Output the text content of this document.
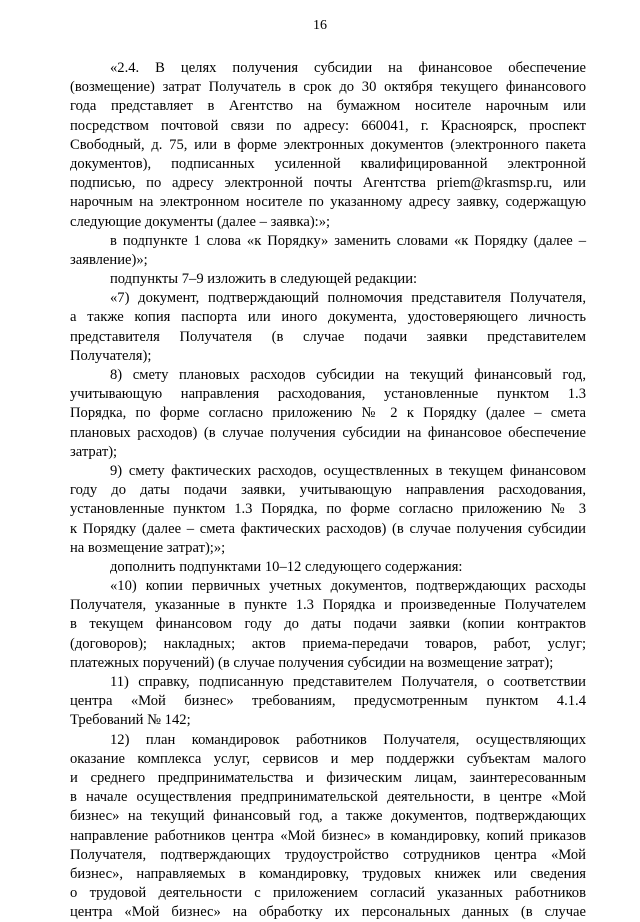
16
«2.4. В целях получения субсидии на финансовое обеспечение
(возмещение) затрат Получатель в срок до 30 октября текущего финансового
года представляет в Агентство на бумажном носителе нарочным или
посредством почтовой связи по адресу: 660041, г. Красноярск, проспект
Свободный, д. 75, или в форме электронных документов (электронного пакета
документов), подписанных усиленной квалифицированной электронной
подписью, по адресу электронной почты Агентства priem@krasmsp.ru, или
нарочным на электронном носителе по указанному адресу заявку, содержащую
следующие документы (далее – заявка):»;
в подпункте 1 слова «к Порядку» заменить словами «к Порядку (далее –
заявление)»;
подпункты 7–9 изложить в следующей редакции:
«7) документ, подтверждающий полномочия представителя Получателя,
а также копия паспорта или иного документа, удостоверяющего личность
представителя Получателя (в случае подачи заявки представителем
Получателя);
8) смету плановых расходов субсидии на текущий финансовый год,
учитывающую направления расходования, установленные пунктом 1.3
Порядка, по форме согласно приложению № 2 к Порядку (далее – смета
плановых расходов) (в случае получения субсидии на финансовое обеспечение
затрат);
9) смету фактических расходов, осуществленных в текущем финансовом
году до даты подачи заявки, учитывающую направления расходования,
установленные пунктом 1.3 Порядка, по форме согласно приложению № 3
к Порядку (далее – смета фактических расходов) (в случае получения субсидии
на возмещение затрат);»;
дополнить подпунктами 10–12 следующего содержания:
«10) копии первичных учетных документов, подтверждающих расходы
Получателя, указанные в пункте 1.3 Порядка и произведенные Получателем
в текущем финансовом году до даты подачи заявки (копии контрактов
(договоров); накладных; актов приема-передачи товаров, работ, услуг;
платежных поручений) (в случае получения субсидии на возмещение затрат);
11) справку, подписанную представителем Получателя, о соответствии
центра «Мой бизнес» требованиям, предусмотренным пунктом 4.1.4
Требований № 142;
12) план командировок работников Получателя, осуществляющих
оказание комплекса услуг, сервисов и мер поддержки субъектам малого
и среднего предпринимательства и физическим лицам, заинтересованным
в начале осуществления предпринимательской деятельности, в центре «Мой
бизнес» на текущий финансовый год, а также документов, подтверждающих
направление работников центра «Мой бизнес» в командировку, копий приказов
Получателя, подтверждающих трудоустройство сотрудников центра «Мой
бизнес», направляемых в командировку, трудовых книжек или сведения
о трудовой деятельности с приложением согласий указанных работников
центра «Мой бизнес» на обработку их персональных данных (в случае
